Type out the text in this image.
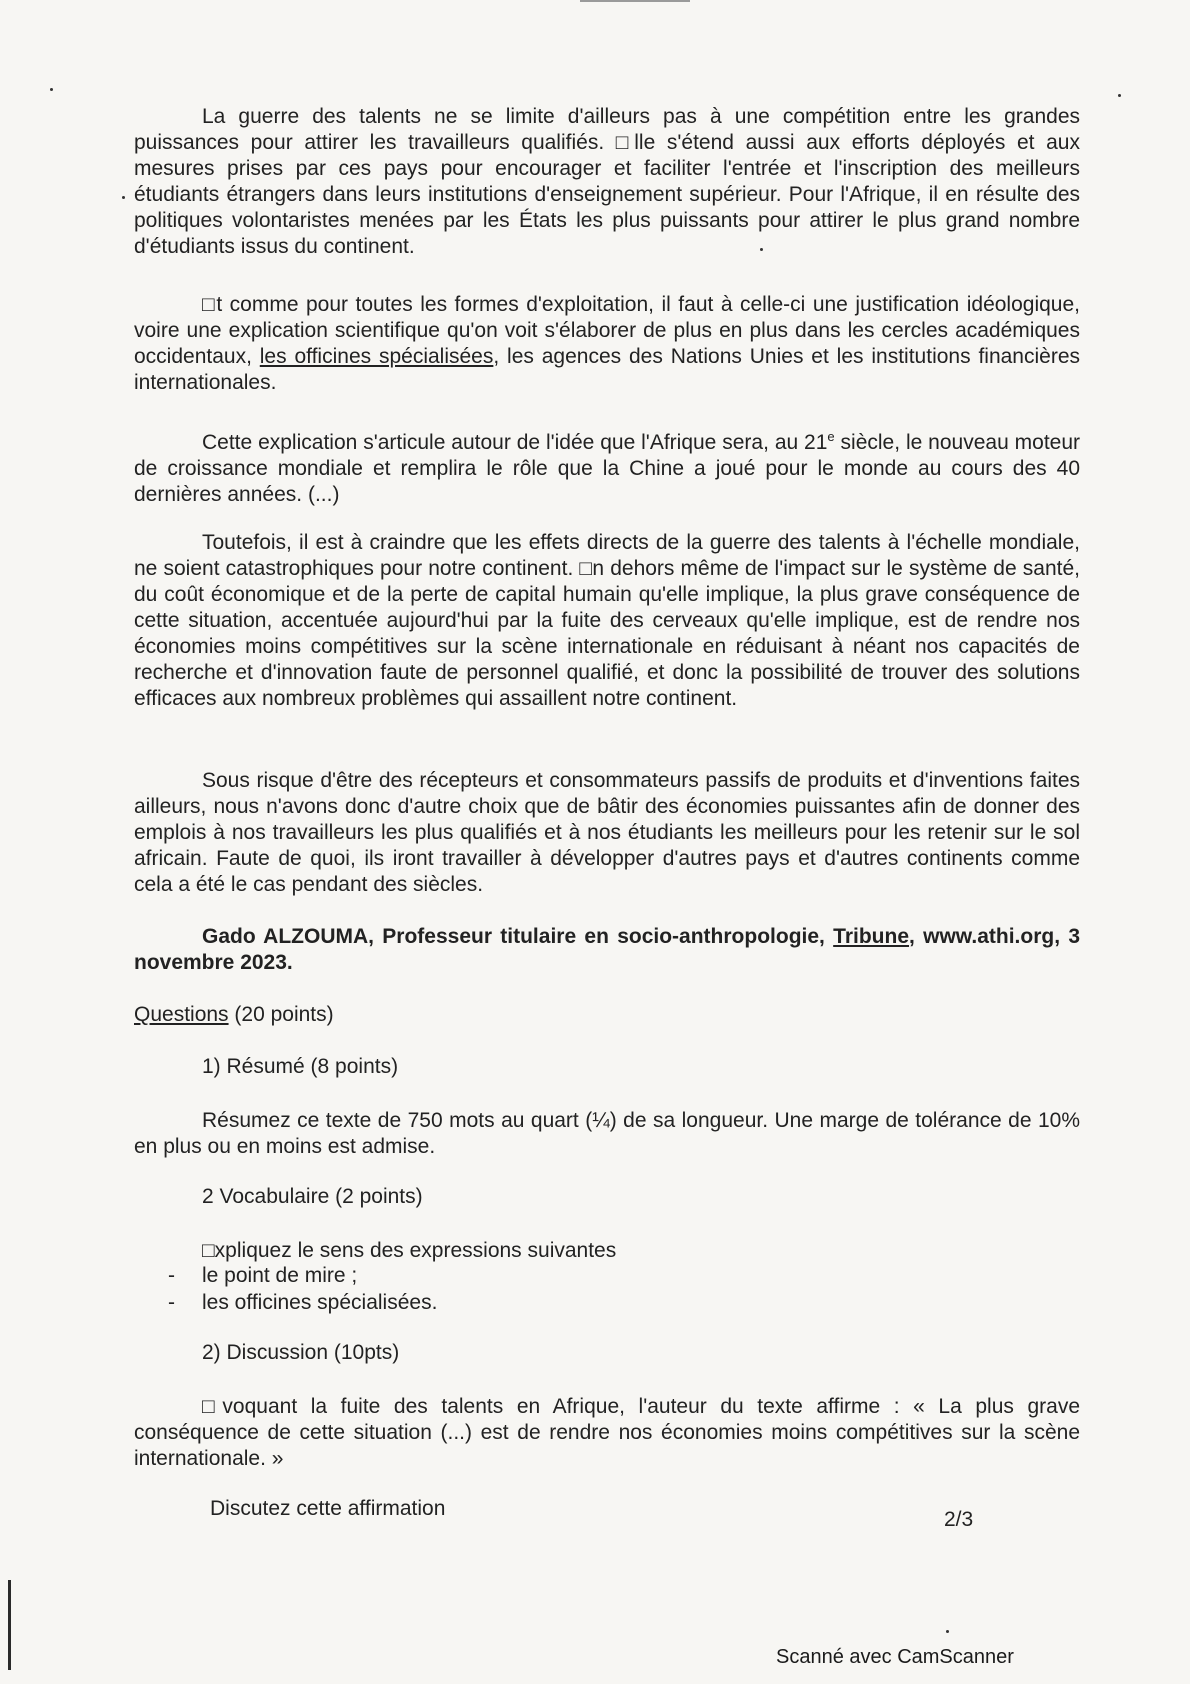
La guerre des talents ne se limite d'ailleurs pas à une compétition entre les grandes puissances pour attirer les travailleurs qualifiés. □lle s'étend aussi aux efforts déployés et aux mesures prises par ces pays pour encourager et faciliter l'entrée et l'inscription des meilleurs étudiants étrangers dans leurs institutions d'enseignement supérieur. Pour l'Afrique, il en résulte des politiques volontaristes menées par les États les plus puissants pour attirer le plus grand nombre d'étudiants issus du continent.

□t comme pour toutes les formes d'exploitation, il faut à celle-ci une justification idéologique, voire une explication scientifique qu'on voit s'élaborer de plus en plus dans les cercles académiques occidentaux, les officines spécialisées, les agences des Nations Unies et les institutions financières internationales.

Cette explication s'articule autour de l'idée que l'Afrique sera, au 21e siècle, le nouveau moteur de croissance mondiale et remplira le rôle que la Chine a joué pour le monde au cours des 40 dernières années. (...)

Toutefois, il est à craindre que les effets directs de la guerre des talents à l'échelle mondiale, ne soient catastrophiques pour notre continent. □n dehors même de l'impact sur le système de santé, du coût économique et de la perte de capital humain qu'elle implique, la plus grave conséquence de cette situation, accentuée aujourd'hui par la fuite des cerveaux qu'elle implique, est de rendre nos économies moins compétitives sur la scène internationale en réduisant à néant nos capacités de recherche et d'innovation faute de personnel qualifié, et donc la possibilité de trouver des solutions efficaces aux nombreux problèmes qui assaillent notre continent.

Sous risque d'être des récepteurs et consommateurs passifs de produits et d'inventions faites ailleurs, nous n'avons donc d'autre choix que de bâtir des économies puissantes afin de donner des emplois à nos travailleurs les plus qualifiés et à nos étudiants les meilleurs pour les retenir sur le sol africain. Faute de quoi, ils iront travailler à développer d'autres pays et d'autres continents comme cela a été le cas pendant des siècles.

Gado ALZOUMA, Professeur titulaire en socio-anthropologie, Tribune, www.athi.org, 3 novembre 2023.

Questions (20 points)
1) Résumé (8 points)

Résumez ce texte de 750 mots au quart (¼) de sa longueur. Une marge de tolérance de 10% en plus ou en moins est admise.

2 Vocabulaire (2 points)
□xpliquez le sens des expressions suivantes
- le point de mire ;
- les officines spécialisées.
2) Discussion (10pts)

□voquant la fuite des talents en Afrique, l'auteur du texte affirme : « La plus grave conséquence de cette situation (...) est de rendre nos économies moins compétitives sur la scène internationale. »

Discutez cette affirmation	2/3
Scanné avec CamScanner
